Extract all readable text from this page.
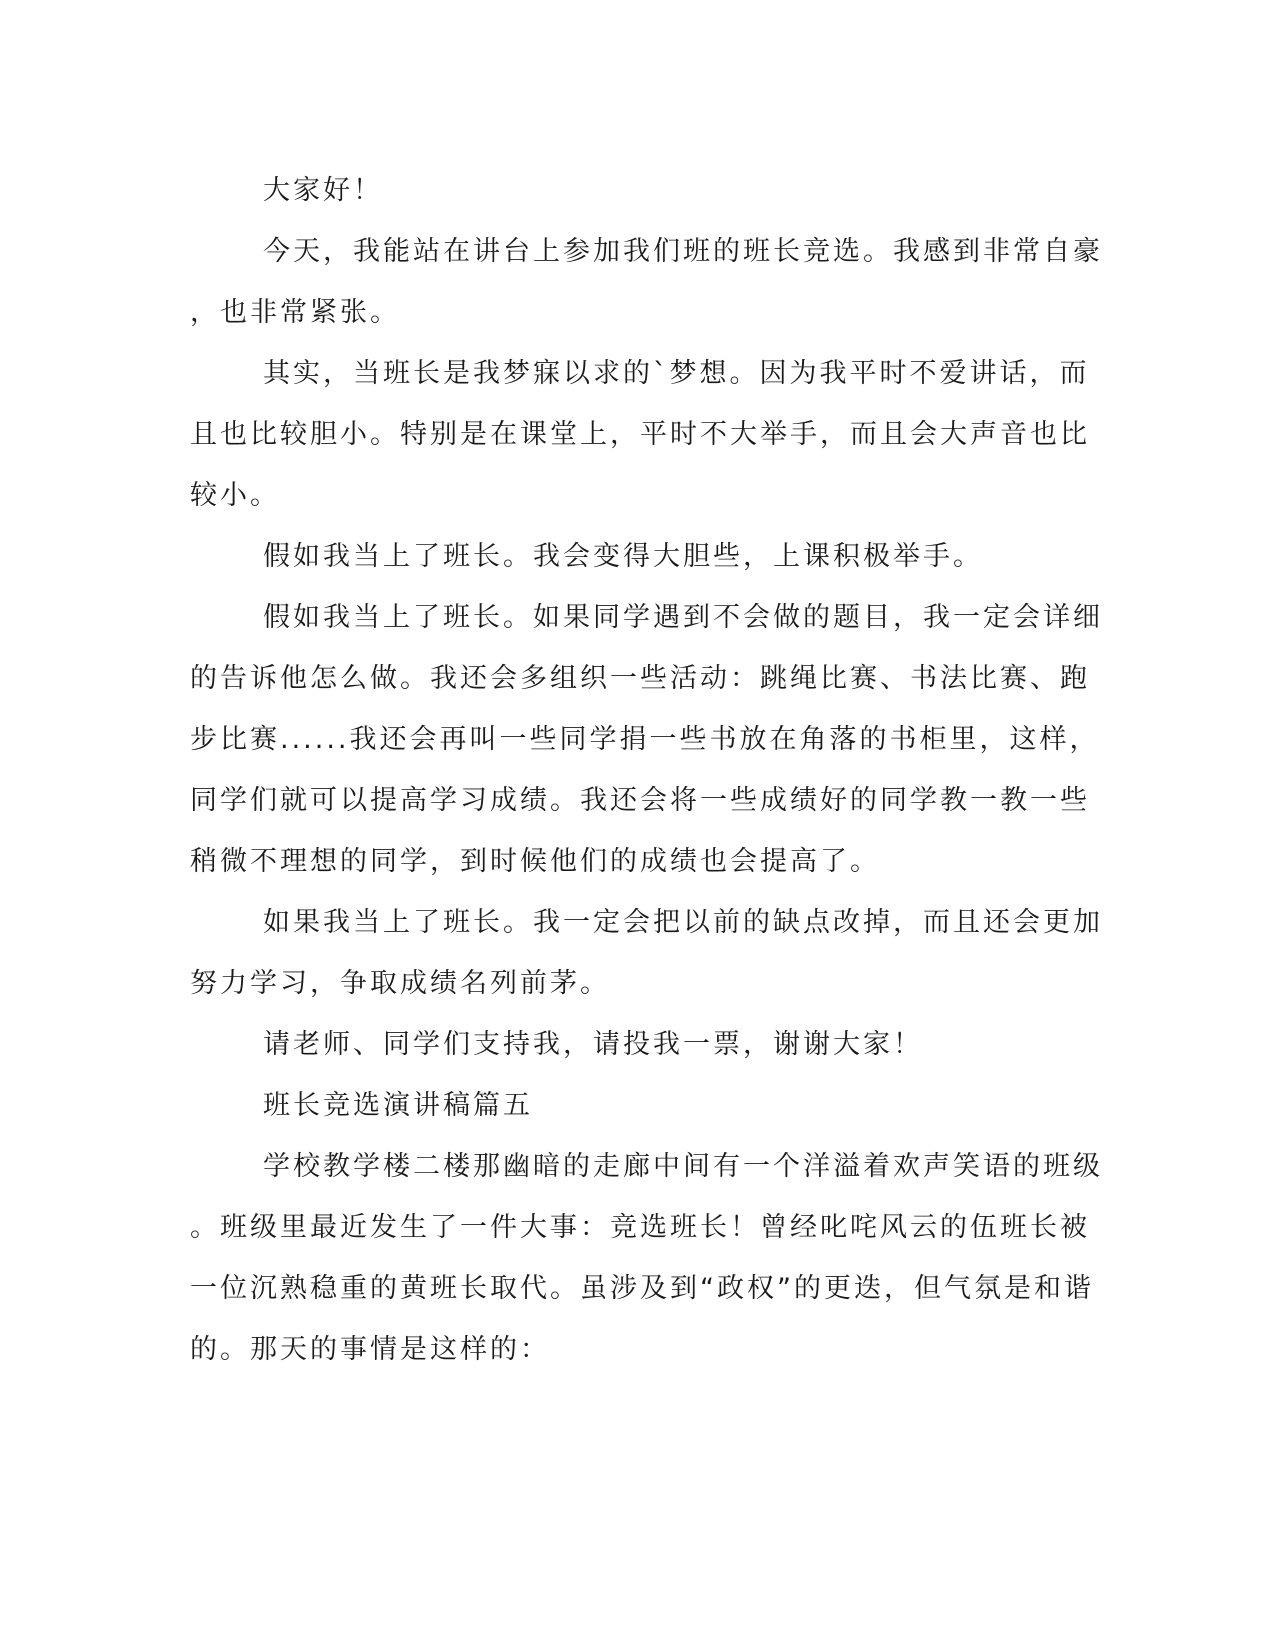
大家好！
今天，我能站在讲台上参加我们班的班长竞选。我感到非常自豪
，也非常紧张。
其实，当班长是我梦寐以求的`梦想。因为我平时不爱讲话，而
且也比较胆小。特别是在课堂上，平时不大举手，而且会大声音也比
较小。
假如我当上了班长。我会变得大胆些，上课积极举手。
假如我当上了班长。如果同学遇到不会做的题目，我一定会详细
的告诉他怎么做。我还会多组织一些活动：跳绳比赛、书法比赛、跑
步比赛......我还会再叫一些同学捐一些书放在角落的书柜里，这样，
同学们就可以提高学习成绩。我还会将一些成绩好的同学教一教一些
稍微不理想的同学，到时候他们的成绩也会提高了。
如果我当上了班长。我一定会把以前的缺点改掉，而且还会更加
努力学习，争取成绩名列前茅。
请老师、同学们支持我，请投我一票，谢谢大家！
班长竞选演讲稿篇五
学校教学楼二楼那幽暗的走廊中间有一个洋溢着欢声笑语的班级
。班级里最近发生了一件大事：竞选班长！曾经叱咤风云的伍班长被
一位沉熟稳重的黄班长取代。虽涉及到“政权”的更迭，但气氛是和谐
的。那天的事情是这样的：
